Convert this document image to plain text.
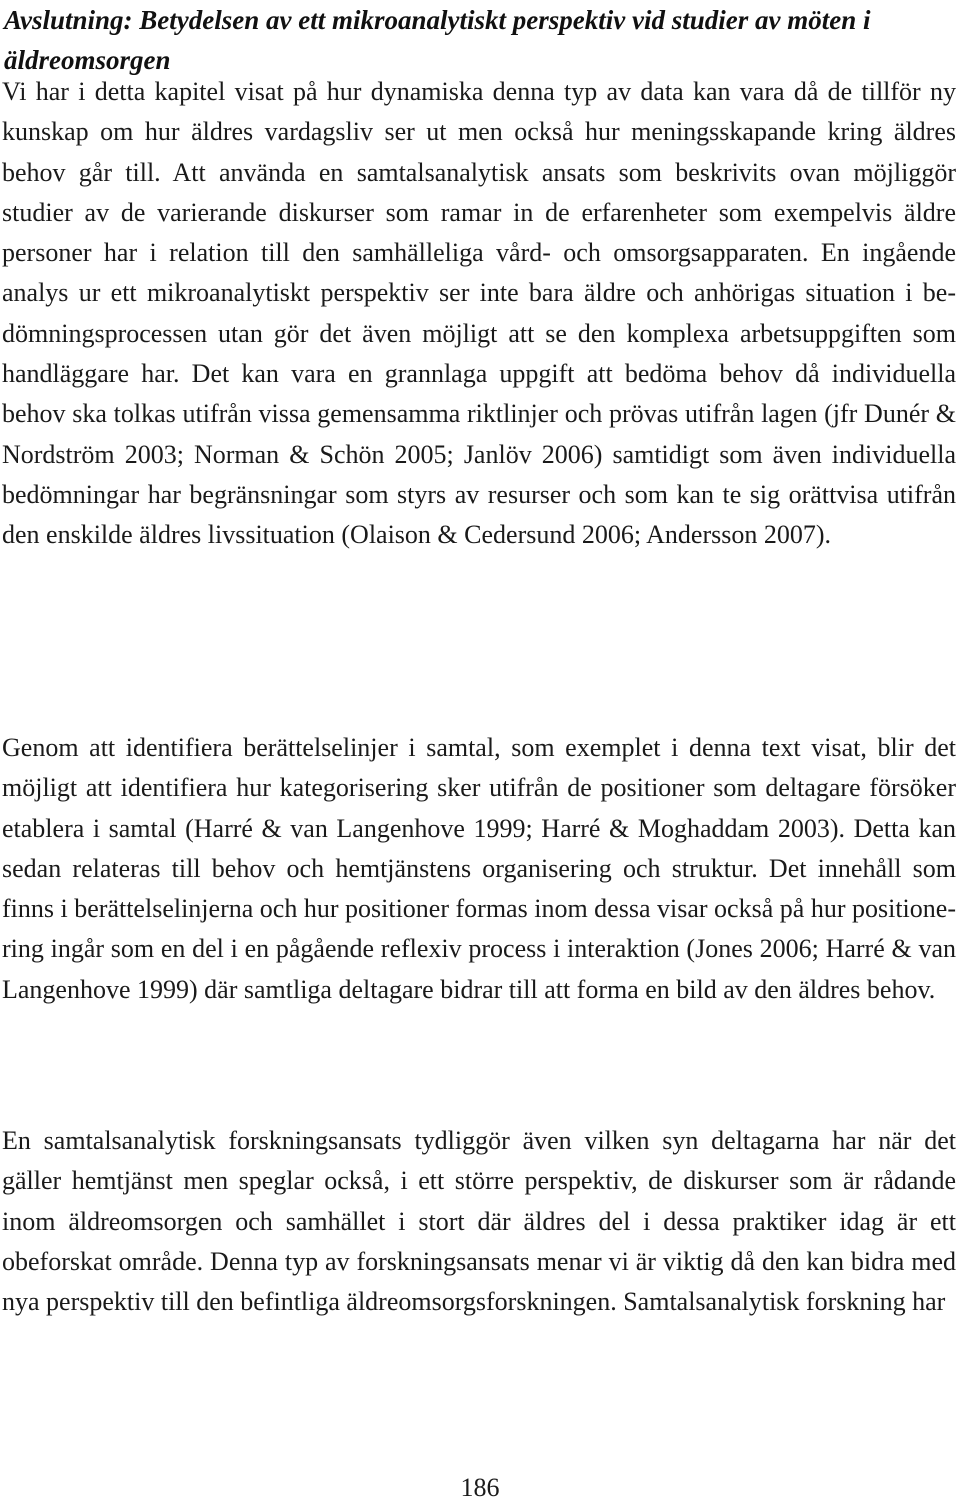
Avslutning: Betydelsen av ett mikroanalytiskt perspektiv vid studier av möten i äldreomsorgen

Vi har i detta kapitel visat på hur dynamiska denna typ av data kan vara då de tillför ny kunskap om hur äldres vardagsliv ser ut men också hur meningsskapande kring äldres behov går till. Att använda en samtalsanalytisk ansats som beskrivits ovan möjliggör studier av de varierande diskurser som ramar in de erfarenheter som exempelvis äldre personer har i relation till den samhälleliga vård- och omsorgsapparaten. En ingående analys ur ett mikroanalytiskt perspektiv ser inte bara äldre och anhörigas situation i bedömningsprocessen utan gör det även möjligt att se den komplexa arbetsuppgiften som handläggare har. Det kan vara en grannlaga uppgift att bedöma behov då individuella behov ska tolkas utifrån vissa gemensamma riktlinjer och prövas utifrån lagen (jfr Dunér & Nordström 2003; Norman & Schön 2005; Janlöv 2006) samtidigt som även individuella bedömningar har begränsningar som styrs av resurser och som kan te sig orättvisa utifrån den enskilde äldres livssituation (Olaison & Cedersund 2006; Andersson 2007).

Genom att identifiera berättelselinjer i samtal, som exemplet i denna text visat, blir det möjligt att identifiera hur kategorisering sker utifrån de positioner som deltagare försöker etablera i samtal (Harré & van Langenhove 1999; Harré & Moghaddam 2003). Detta kan sedan relateras till behov och hemtjänstens organisering och struktur. Det innehåll som finns i berättelselinjerna och hur positioner formas inom dessa visar också på hur positionering ingår som en del i en pågående reflexiv process i interaktion (Jones 2006; Harré & van Langenhove 1999) där samtliga deltagare bidrar till att forma en bild av den äldres behov.

En samtalsanalytisk forskningsansats tydliggör även vilken syn deltagarna har när det gäller hemtjänst men speglar också, i ett större perspektiv, de diskurser som är rådande inom äldreomsorgen och samhället i stort där äldres del i dessa praktiker idag är ett obeforskat område. Denna typ av forskningsansats menar vi är viktig då den kan bidra med nya perspektiv till den befintliga äldreomsorgsforskningen. Samtalsanalytisk forskning har

186
